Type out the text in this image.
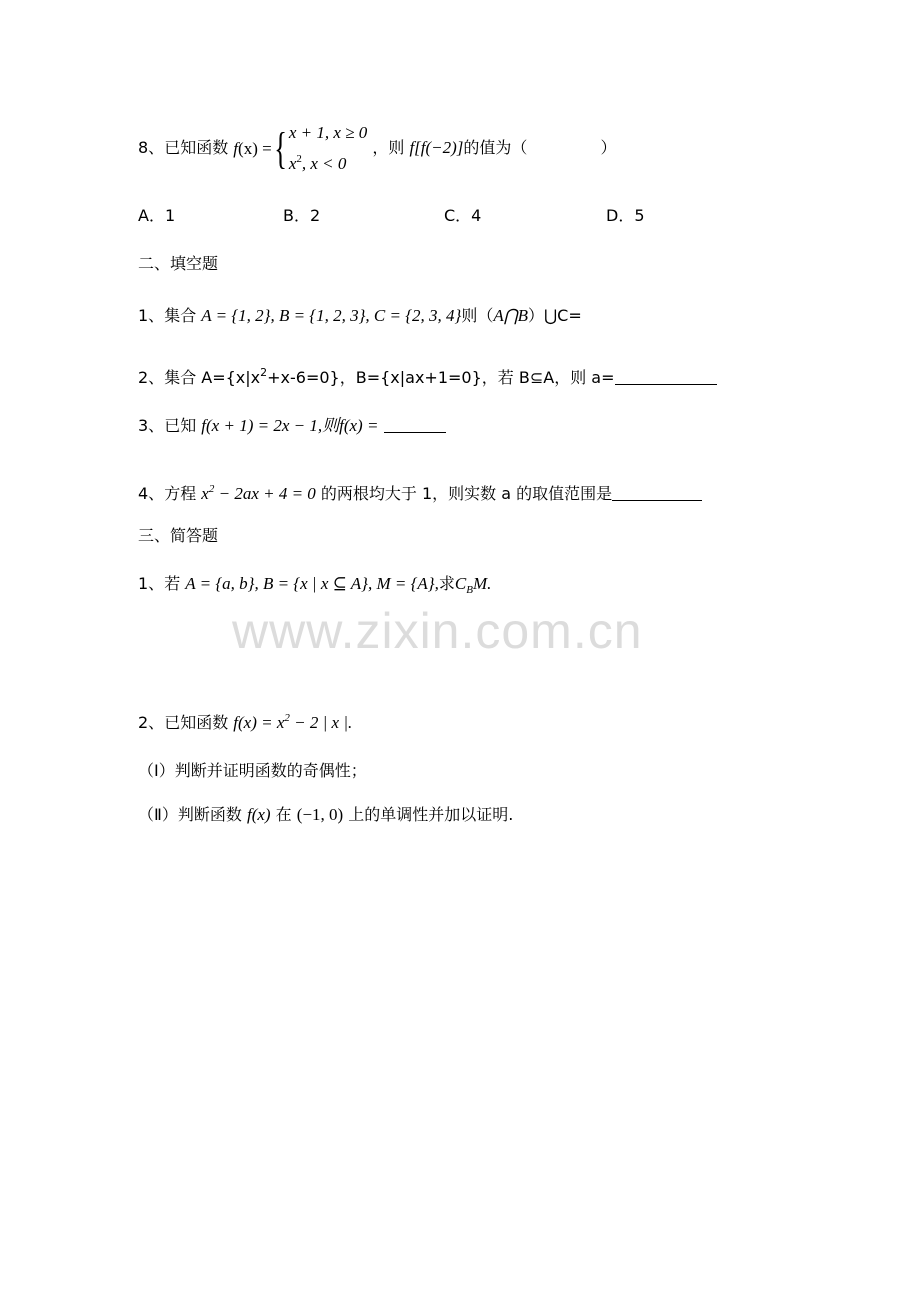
8、已知函数 f(x) = { x + 1, x ≥ 0
$x^2$, x < 0
，则 f[f(−2)]的值为（	）
A．1	B．2	C．4	D．5
二、填空题
1、集合 A = {1, 2}, B = {1, 2, 3}, C = {2, 3, 4}则（A⋂B）⋃C=
2、集合 $A=\{x|x^2+x-6=0\}$，B={x|ax+1=0}，若 B⊆A，则 a=
3、已知 f(x + 1) = 2x − 1,则f(x) =
4、方程 $x^2 - 2ax + 4 = 0$ 的两根均大于 1，则实数 a 的取值范围是
三、简答题
1、若 A = {a, b}, B = {x | x ⊆ A}, M = {A},求$C_BM$.
www.zixin.com.cn
2、已知函数 $f(x) = x^2 - 2$ | x |.
（Ⅰ）判断并证明函数的奇偶性；
（Ⅱ）判断函数 f(x) 在 (−1, 0) 上的单调性并加以证明.
